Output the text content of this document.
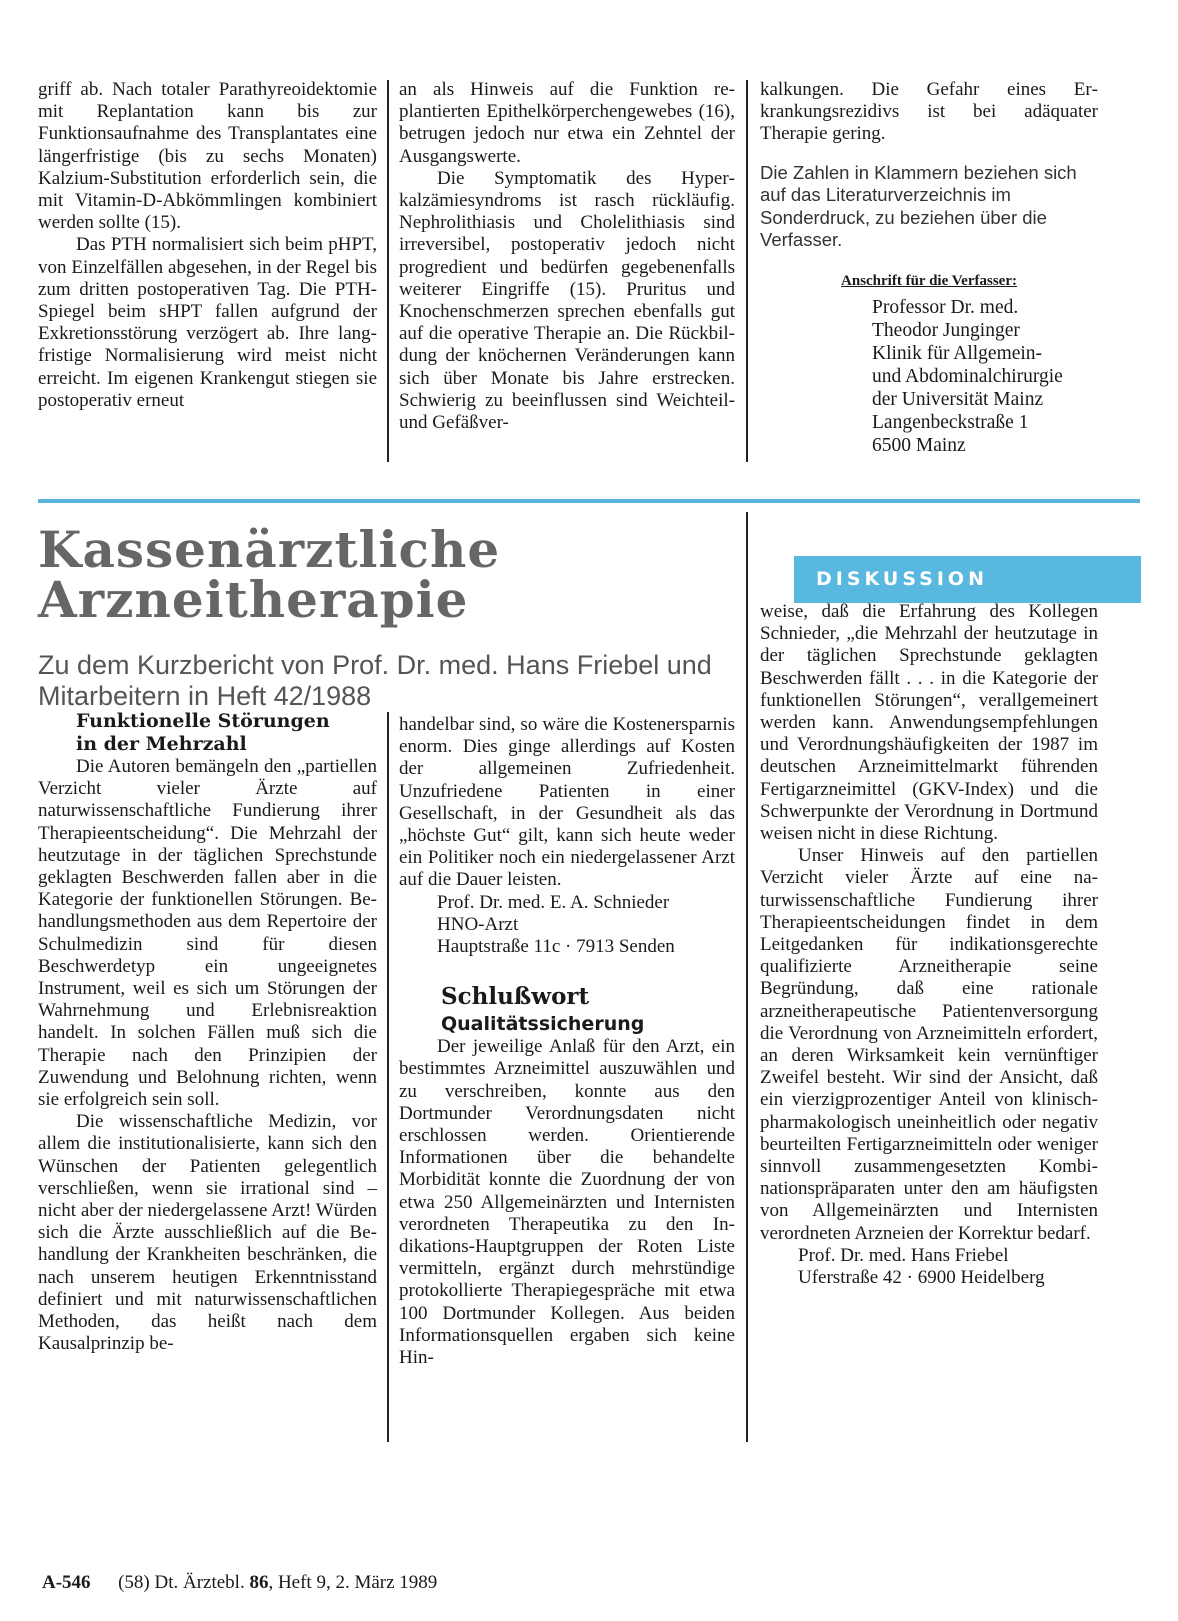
griff ab. Nach totaler Parathyreoidektomie mit Replantation kann bis zur Funktionsaufnahme des Transplantates eine längerfristige (bis zu sechs Monaten) Kalzium-Substitution erforderlich sein, die mit Vitamin-D-Abkömmlingen kombiniert werden sollte (15).

Das PTH normalisiert sich beim pHPT, von Einzelfällen abgesehen, in der Regel bis zum dritten postoperativen Tag. Die PTH-Spiegel beim sHPT fallen aufgrund der Exkretionsstörung verzögert ab. Ihre langfristige Normalisierung wird meist nicht erreicht. Im eigenen Krankengut stiegen sie postoperativ erneut

an als Hinweis auf die Funktion replantierten Epithelkörperchengewebes (16), betrugen jedoch nur etwa ein Zehntel der Ausgangswerte.

Die Symptomatik des Hyperkalzämiesyndroms ist rasch rückläufig. Nephrolithiasis und Cholelithiasis sind irreversibel, postoperativ jedoch nicht progredient und bedürfen gegebenenfalls weiterer Eingriffe (15). Pruritus und Knochenschmerzen sprechen ebenfalls gut auf die operative Therapie an. Die Rückbildung der knöchernen Veränderungen kann sich über Monate bis Jahre erstrecken. Schwierig zu beeinflussen sind Weichteil- und Gefäßver-

kalkungen. Die Gefahr eines Erkrankungsrezidivs ist bei adäquater Therapie gering.

Die Zahlen in Klammern beziehen sich auf das Literaturverzeichnis im Sonderdruck, zu beziehen über die Verfasser.

Anschrift für die Verfasser:
Professor Dr. med.
Theodor Junginger
Klinik für Allgemein-
und Abdominalchirurgie
der Universität Mainz
Langenbeckstraße 1
6500 Mainz
Kassenärztliche
Arzneitherapie
Zu dem Kurzbericht von Prof. Dr. med. Hans Friebel und Mitarbeitern in Heft 42/1988
DISKUSSION
Funktionelle Störungen
in der Mehrzahl

Die Autoren bemängeln den „partiellen Verzicht vieler Ärzte auf naturwissenschaftliche Fundierung ihrer Therapieentscheidung“. Die Mehrzahl der heutzutage in der täglichen Sprechstunde geklagten Beschwerden fallen aber in die Kategorie der funktionellen Störungen. Behandlungsmethoden aus dem Repertoire der Schulmedizin sind für diesen Beschwerdetyp ein ungeeignetes Instrument, weil es sich um Störungen der Wahrnehmung und Erlebnisreaktion handelt. In solchen Fällen muß sich die Therapie nach den Prinzipien der Zuwendung und Belohnung richten, wenn sie erfolgreich sein soll.

Die wissenschaftliche Medizin, vor allem die institutionalisierte, kann sich den Wünschen der Patienten gelegentlich verschließen, wenn sie irrational sind – nicht aber der niedergelassene Arzt! Würden sich die Ärzte ausschließlich auf die Behandlung der Krankheiten beschränken, die nach unserem heutigen Erkenntnisstand definiert und mit naturwissenschaftlichen Methoden, das heißt nach dem Kausalprinzip be-

handelbar sind, so wäre die Kostenersparnis enorm. Dies ginge allerdings auf Kosten der allgemeinen Zufriedenheit. Unzufriedene Patienten in einer Gesellschaft, in der Gesundheit als das „höchste Gut“ gilt, kann sich heute weder ein Politiker noch ein niedergelassener Arzt auf die Dauer leisten.

Prof. Dr. med. E. A. Schnieder
HNO-Arzt
Hauptstraße 11c · 7913 Senden
Schlußwort
Qualitätssicherung

Der jeweilige Anlaß für den Arzt, ein bestimmtes Arzneimittel auszuwählen und zu verschreiben, konnte aus den Dortmunder Verordnungsdaten nicht erschlossen werden. Orientierende Informationen über die behandelte Morbidität konnte die Zuordnung der von etwa 250 Allgemeinärzten und Internisten verordneten Therapeutika zu den Indikations-Hauptgruppen der Roten Liste vermitteln, ergänzt durch mehrstündige protokollierte Therapiegespräche mit etwa 100 Dortmunder Kollegen. Aus beiden Informationsquellen ergaben sich keine Hin-

weise, daß die Erfahrung des Kollegen Schnieder, „die Mehrzahl der heutzutage in der täglichen Sprechstunde geklagten Beschwerden fällt . . . in die Kategorie der funktionellen Störungen“, verallgemeinert werden kann. Anwendungsempfehlungen und Verordnungshäufigkeiten der 1987 im deutschen Arzneimittelmarkt führenden Fertigarzneimittel (GKV-Index) und die Schwerpunkte der Verordnung in Dortmund weisen nicht in diese Richtung.

Unser Hinweis auf den partiellen Verzicht vieler Ärzte auf eine naturwissenschaftliche Fundierung ihrer Therapieentscheidungen findet in dem Leitgedanken für indikationsgerechte qualifizierte Arzneitherapie seine Begründung, daß eine rationale arzneitherapeutische Patientenversorgung die Verordnung von Arzneimitteln erfordert, an deren Wirksamkeit kein vernünftiger Zweifel besteht. Wir sind der Ansicht, daß ein vierzigprozentiger Anteil von klinisch-pharmakologisch uneinheitlich oder negativ beurteilten Fertigarzneimitteln oder weniger sinnvoll zusammengesetzten Kombinationspräparaten unter den am häufigsten von Allgemeinärzten und Internisten verordneten Arzneien der Korrektur bedarf.

Prof. Dr. med. Hans Friebel
Uferstraße 42 · 6900 Heidelberg
A-546 (58) Dt. Ärztebl. 86, Heft 9, 2. März 1989
